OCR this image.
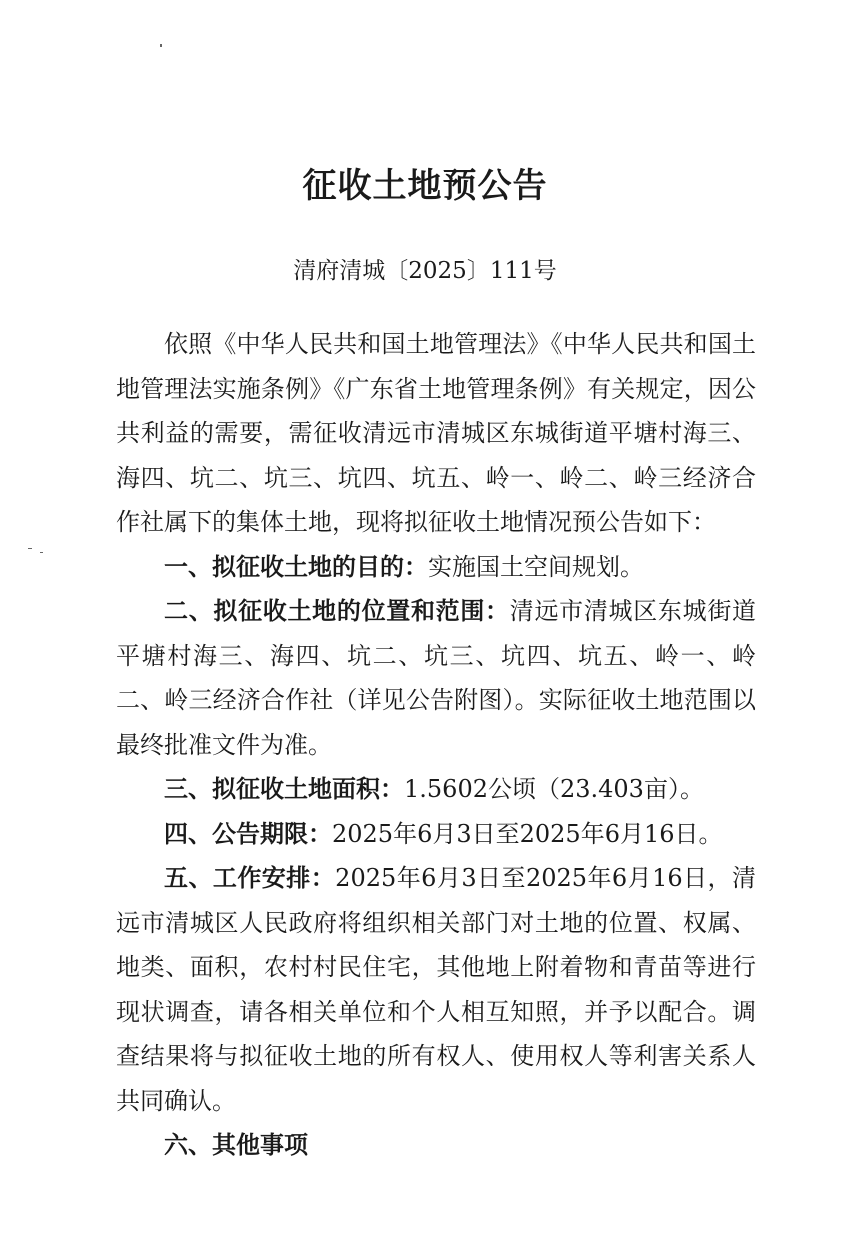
征收土地预公告
清府清城〔2025〕111号

依照《中华人民共和国土地管理法》《中华人民共和国土地管理法实施条例》《广东省土地管理条例》有关规定，因公共利益的需要，需征收清远市清城区东城街道平塘村海三、海四、坑二、坑三、坑四、坑五、岭一、岭二、岭三经济合作社属下的集体土地，现将拟征收土地情况预公告如下：

一、拟征收土地的目的：实施国土空间规划。

二、拟征收土地的位置和范围：清远市清城区东城街道平塘村海三、海四、坑二、坑三、坑四、坑五、岭一、岭二、岭三经济合作社（详见公告附图）。实际征收土地范围以最终批准文件为准。

三、拟征收土地面积：1.5602公顷（23.403亩）。

四、公告期限：2025年6月3日至2025年6月16日。

五、工作安排：2025年6月3日至2025年6月16日，清远市清城区人民政府将组织相关部门对土地的位置、权属、地类、面积，农村村民住宅，其他地上附着物和青苗等进行现状调查，请各相关单位和个人相互知照，并予以配合。调查结果将与拟征收土地的所有权人、使用权人等利害关系人共同确认。

六、其他事项
